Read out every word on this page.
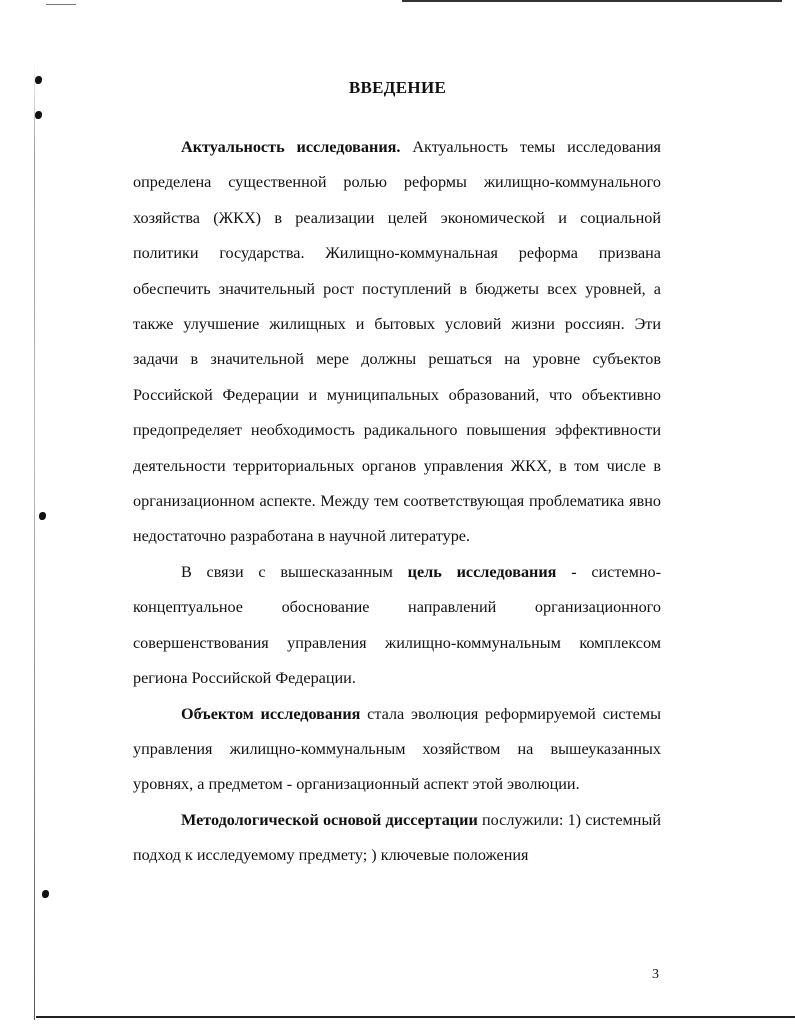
ВВЕДЕНИЕ

Актуальность исследования. Актуальность темы исследования определена существенной ролью реформы жилищно-коммунального хозяйства (ЖКХ) в реализации целей экономической и социальной политики государства. Жилищно-коммунальная реформа призвана обеспечить значительный рост поступлений в бюджеты всех уровней, а также улучшение жилищных и бытовых условий жизни россиян. Эти задачи в значительной мере должны решаться на уровне субъектов Российской Федерации и муниципальных образований, что объективно предопределяет необходимость радикального повышения эффективности деятельности территориальных органов управления ЖКХ, в том числе в организационном аспекте. Между тем соответствующая проблематика явно недостаточно разработана в научной литературе.

В связи с вышесказанным цель исследования - системно-концептуальное обоснование направлений организационного совершенствования управления жилищно-коммунальным комплексом региона Российской Федерации.

Объектом исследования стала эволюция реформируемой системы управления жилищно-коммунальным хозяйством на вышеуказанных уровнях, а предметом - организационный аспект этой эволюции.

Методологической основой диссертации послужили: 1) системный подход к исследуемому предмету; ) ключевые положения

3
